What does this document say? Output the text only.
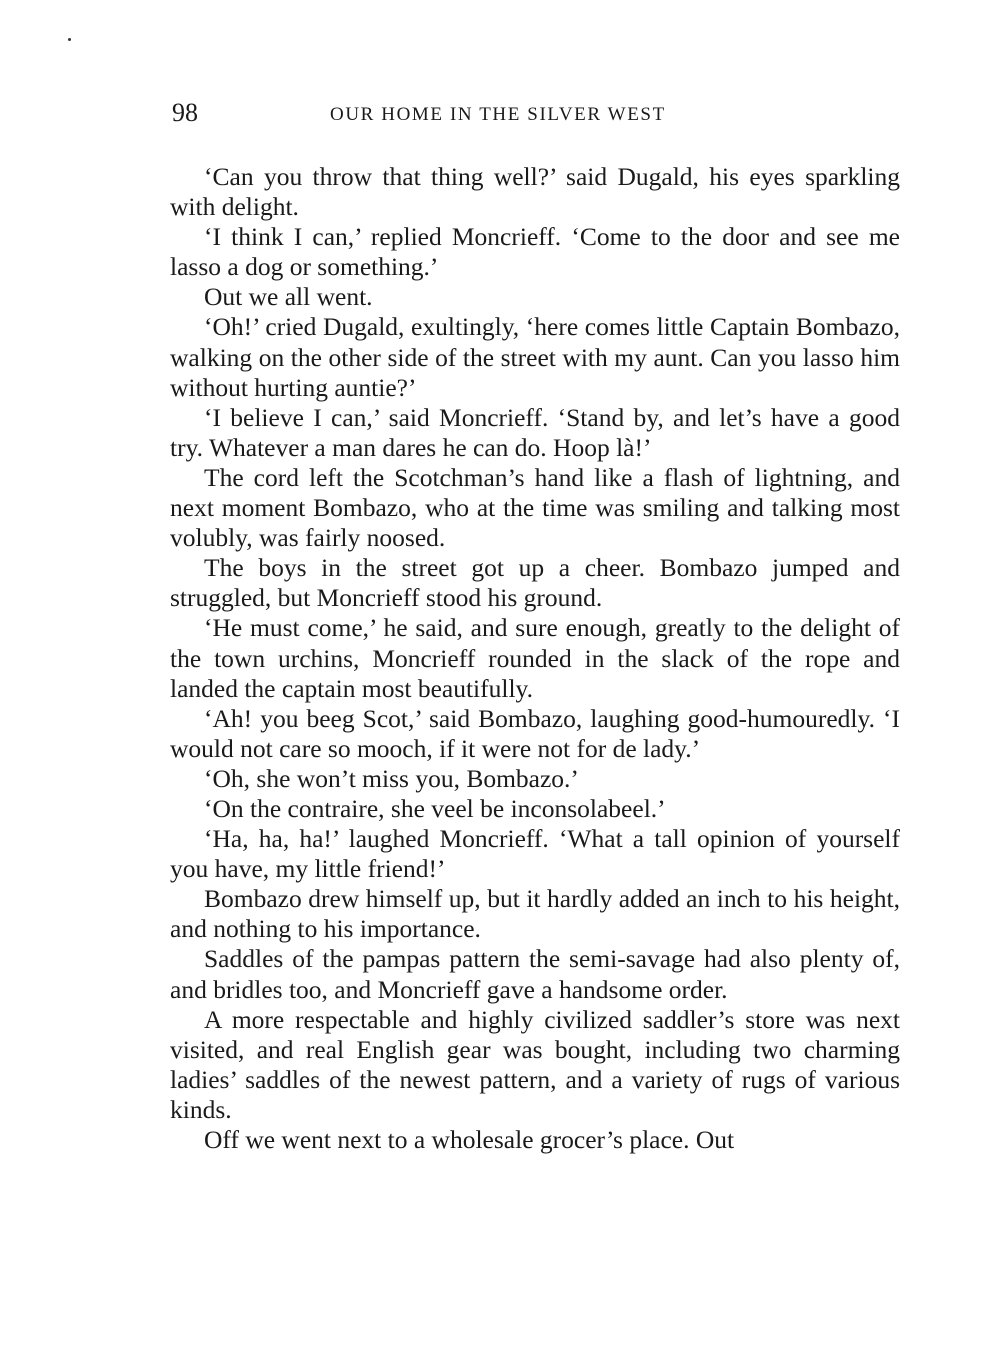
98	OUR HOME IN THE SILVER WEST

‘Can you throw that thing well?’ said Dugald, his eyes sparkling with delight.

‘I think I can,’ replied Moncrieff. ‘Come to the door and see me lasso a dog or something.’

Out we all went.

‘Oh!’ cried Dugald, exultingly, ‘here comes little Captain Bombazo, walking on the other side of the street with my aunt. Can you lasso him without hurting auntie?’

‘I believe I can,’ said Moncrieff. ‘Stand by, and let’s have a good try. Whatever a man dares he can do. Hoop là!’

The cord left the Scotchman’s hand like a flash of lightning, and next moment Bombazo, who at the time was smiling and talking most volubly, was fairly noosed.

The boys in the street got up a cheer. Bombazo jumped and struggled, but Moncrieff stood his ground.

‘He must come,’ he said, and sure enough, greatly to the delight of the town urchins, Moncrieff rounded in the slack of the rope and landed the captain most beautifully.

‘Ah! you beeg Scot,’ said Bombazo, laughing good-humouredly. ‘I would not care so mooch, if it were not for de lady.’

‘Oh, she won’t miss you, Bombazo.’

‘On the contraire, she veel be inconsolabeel.’

‘Ha, ha, ha!’ laughed Moncrieff. ‘What a tall opinion of yourself you have, my little friend!’

Bombazo drew himself up, but it hardly added an inch to his height, and nothing to his importance.

Saddles of the pampas pattern the semi-savage had also plenty of, and bridles too, and Moncrieff gave a handsome order.

A more respectable and highly civilized saddler’s store was next visited, and real English gear was bought, including two charming ladies’ saddles of the newest pattern, and a variety of rugs of various kinds.

Off we went next to a wholesale grocer’s place. Out
